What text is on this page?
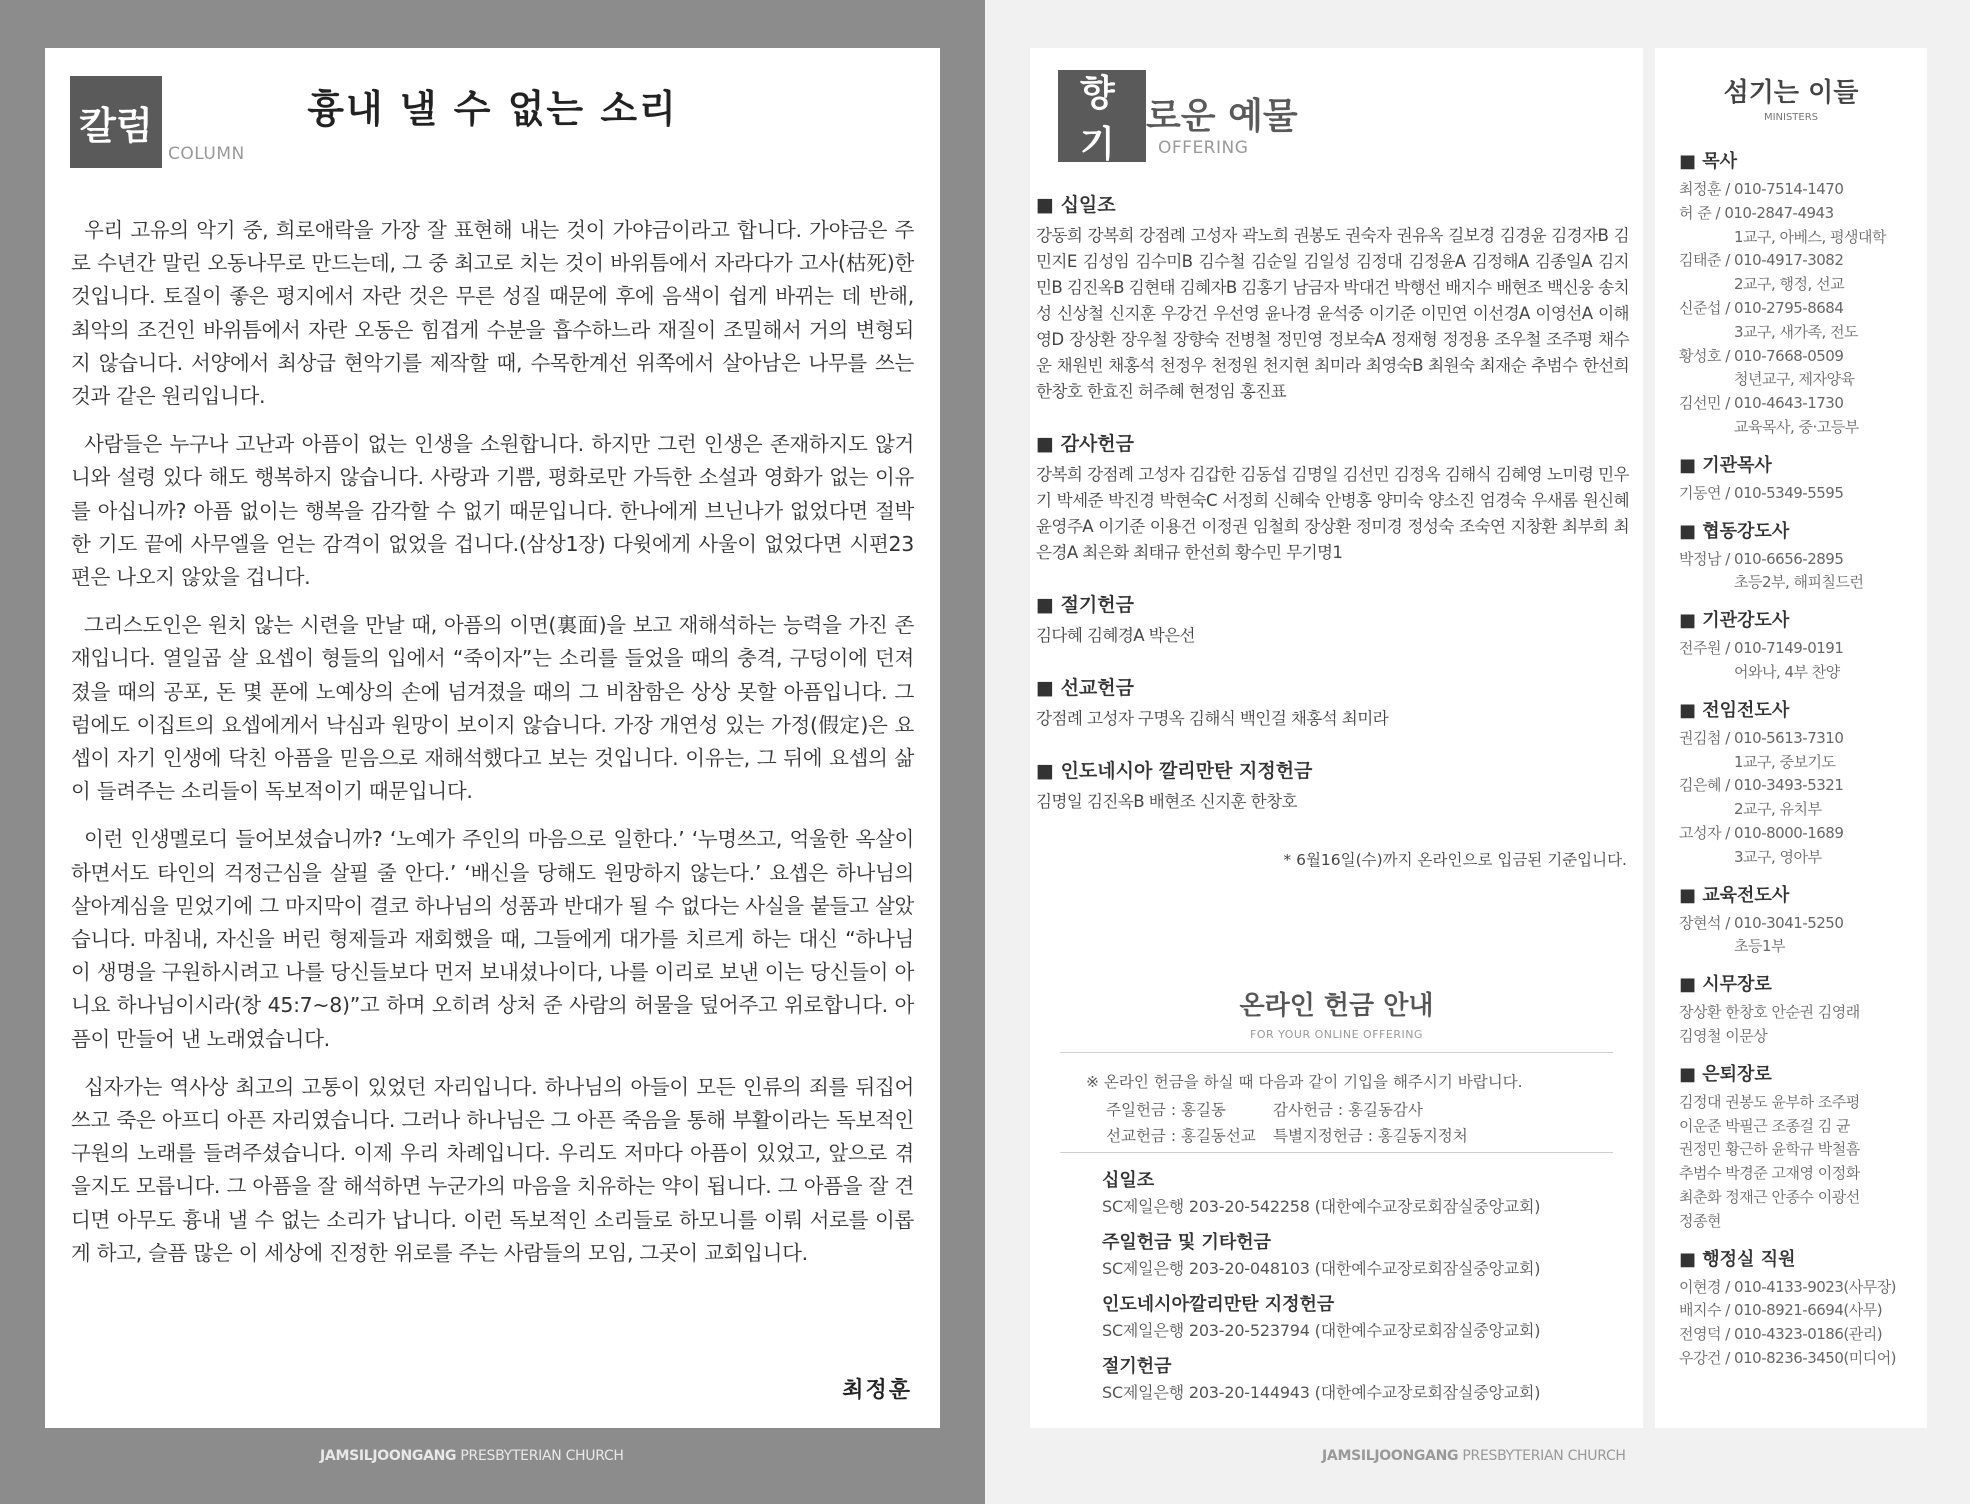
칼럼
COLUMN
흉내 낼 수 없는 소리

우리 고유의 악기 중, 희로애락을 가장 잘 표현해 내는 것이 가야금이라고 합니다. 가야금은 주로 수년간 말린 오동나무로 만드는데, 그 중 최고로 치는 것이 바위틈에서 자라다가 고사(枯死)한 것입니다. 토질이 좋은 평지에서 자란 것은 무른 성질 때문에 후에 음색이 쉽게 바뀌는 데 반해, 최악의 조건인 바위틈에서 자란 오동은 힘겹게 수분을 흡수하느라 재질이 조밀해서 거의 변형되지 않습니다. 서양에서 최상급 현악기를 제작할 때, 수목한계선 위쪽에서 살아남은 나무를 쓰는 것과 같은 원리입니다.

사람들은 누구나 고난과 아픔이 없는 인생을 소원합니다. 하지만 그런 인생은 존재하지도 않거니와 설령 있다 해도 행복하지 않습니다. 사랑과 기쁨, 평화로만 가득한 소설과 영화가 없는 이유를 아십니까? 아픔 없이는 행복을 감각할 수 없기 때문입니다. 한나에게 브닌나가 없었다면 절박한 기도 끝에 사무엘을 얻는 감격이 없었을 겁니다.(삼상1장) 다윗에게 사울이 없었다면 시편23편은 나오지 않았을 겁니다.

그리스도인은 원치 않는 시련을 만날 때, 아픔의 이면(裏面)을 보고 재해석하는 능력을 가진 존재입니다. 열일곱 살 요셉이 형들의 입에서 “죽이자”는 소리를 들었을 때의 충격, 구덩이에 던져졌을 때의 공포, 돈 몇 푼에 노예상의 손에 넘겨졌을 때의 그 비참함은 상상 못할 아픔입니다. 그럼에도 이집트의 요셉에게서 낙심과 원망이 보이지 않습니다. 가장 개연성 있는 가정(假定)은 요셉이 자기 인생에 닥친 아픔을 믿음으로 재해석했다고 보는 것입니다. 이유는, 그 뒤에 요셉의 삶이 들려주는 소리들이 독보적이기 때문입니다.

이런 인생멜로디 들어보셨습니까? ‘노예가 주인의 마음으로 일한다.’ ‘누명쓰고, 억울한 옥살이 하면서도 타인의 걱정근심을 살필 줄 안다.’ ‘배신을 당해도 원망하지 않는다.’ 요셉은 하나님의 살아계심을 믿었기에 그 마지막이 결코 하나님의 성품과 반대가 될 수 없다는 사실을 붙들고 살았습니다. 마침내, 자신을 버린 형제들과 재회했을 때, 그들에게 대가를 치르게 하는 대신 “하나님이 생명을 구원하시려고 나를 당신들보다 먼저 보내셨나이다, 나를 이리로 보낸 이는 당신들이 아니요 하나님이시라(창 45:7~8)”고 하며 오히려 상처 준 사람의 허물을 덮어주고 위로합니다. 아픔이 만들어 낸 노래였습니다.

십자가는 역사상 최고의 고통이 있었던 자리입니다. 하나님의 아들이 모든 인류의 죄를 뒤집어쓰고 죽은 아프디 아픈 자리였습니다. 그러나 하나님은 그 아픈 죽음을 통해 부활이라는 독보적인 구원의 노래를 들려주셨습니다. 이제 우리 차례입니다. 우리도 저마다 아픔이 있었고, 앞으로 겪을지도 모릅니다. 그 아픔을 잘 해석하면 누군가의 마음을 치유하는 약이 됩니다. 그 아픔을 잘 견디면 아무도 흉내 낼 수 없는 소리가 납니다. 이런 독보적인 소리들로 하모니를 이뤄 서로를 이롭게 하고, 슬픔 많은 이 세상에 진정한 위로를 주는 사람들의 모임, 그곳이 교회입니다.

최정훈
향기
로운 예물
OFFERING
■ 십일조
강동희 강복희 강점례 고성자 곽노희 권봉도 권숙자 권유옥 길보경 김경윤 김경자B 김민지E 김성임 김수미B 김수철 김순일 김일성 김정대 김정윤A 김정해A 김종일A 김지민B 김진옥B 김현태 김혜자B 김홍기 남금자 박대건 박행선 배지수 배현조 백신웅 송치성 신상철 신지훈 우강건 우선영 윤나경 윤석중 이기준 이민연 이선경A 이영선A 이해영D 장상환 장우철 장향숙 전병철 정민영 정보숙A 정재형 정정용 조우철 조주평 채수운 채원빈 채홍석 천정우 천정원 천지현 최미라 최영숙B 최원숙 최재순 추범수 한선희 한창호 한효진 허주혜 현정임 홍진표
■ 감사헌금
강복희 강점례 고성자 김갑한 김동섭 김명일 김선민 김정옥 김해식 김혜영 노미령 민우기 박세준 박진경 박현숙C 서정희 신혜숙 안병홍 양미숙 양소진 엄경숙 우새롬 원신혜 윤영주A 이기준 이용건 이정권 임철희 장상환 정미경 정성숙 조숙연 지창환 최부희 최은경A 최은화 최태규 한선희 황수민 무기명1
■ 절기헌금
김다혜 김혜경A 박은선
■ 선교헌금
강점례 고성자 구명옥 김해식 백인걸 채홍석 최미라
■ 인도네시아 깔리만탄 지정헌금
김명일 김진옥B 배현조 신지훈 한창호
* 6월16일(수)까지 온라인으로 입금된 기준입니다.
온라인 헌금 안내
FOR YOUR ONLINE OFFERING
※ 온라인 헌금을 하실 때 다음과 같이 기입을 해주시기 바랍니다.
주일헌금 : 홍길동	감사헌금 : 홍길동감사
선교헌금 : 홍길동선교 특별지정헌금 : 홍길동지정처
십일조
SC제일은행 203-20-542258 (대한예수교장로회잠실중앙교회)
주일헌금 및 기타헌금
SC제일은행 203-20-048103 (대한예수교장로회잠실중앙교회)
인도네시아깔리만탄 지정헌금
SC제일은행 203-20-523794 (대한예수교장로회잠실중앙교회)
절기헌금
SC제일은행 203-20-144943 (대한예수교장로회잠실중앙교회)
섬기는 이들
MINISTERS
■ 목사
최정훈 / 010-7514-1470
허 준 / 010-2847-4943
1교구, 아베스, 평생대학
김태준 / 010-4917-3082
2교구, 행정, 선교
신준섭 / 010-2795-8684
3교구, 새가족, 전도
황성호 / 010-7668-0509
청년교구, 제자양육
김선민 / 010-4643-1730
교육목사, 중·고등부
■ 기관목사
기동연 / 010-5349-5595
■ 협동강도사
박정남 / 010-6656-2895
초등2부, 해피칠드런
■ 기관강도사
전주원 / 010-7149-0191
어와나, 4부 찬양
■ 전임전도사
권김첨 / 010-5613-7310
1교구, 중보기도
김은혜 / 010-3493-5321
2교구, 유치부
고성자 / 010-8000-1689
3교구, 영아부
■ 교육전도사
장현석 / 010-3041-5250
초등1부
■ 시무장로
장상환 한창호 안순권 김영래
김영철 이문상
■ 은퇴장로
김정대 권봉도 윤부하 조주평
이운준 박필근 조종걸 김 균
권정민 황근하 윤학규 박철흠
추범수 박경준 고재영 이정화
최춘화 정재근 안종수 이광선
정종현
■ 행정실 직원
이현경 / 010-4133-9023(사무장)
배지수 / 010-8921-6694(사무)
전영덕 / 010-4323-0186(관리)
우강건 / 010-8236-3450(미디어)
JAMSILJOONGANG PRESBYTERIAN CHURCH	JAMSILJOONGANG PRESBYTERIAN CHURCH
